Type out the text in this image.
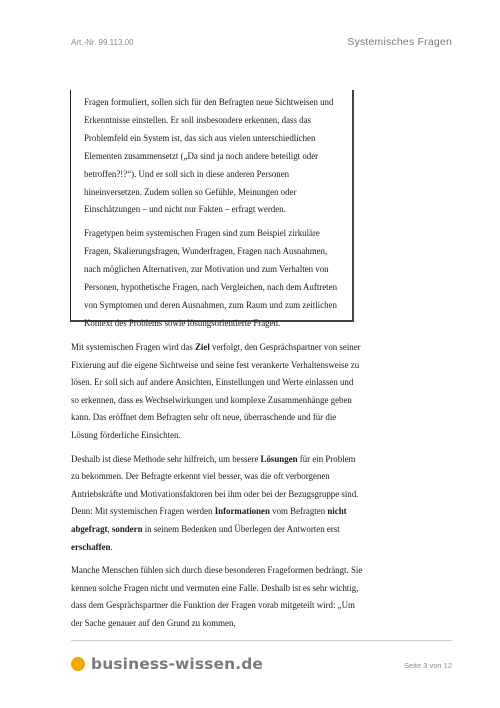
Art.-Nr. 99.113.00	Systemisches Fragen

Fragen formuliert, sollen sich für den Befragten neue Sichtweisen und Erkenntnisse einstellen. Er soll insbesondere erkennen, dass das Problemfeld ein System ist, das sich aus vielen unterschiedlichen Elementen zusammensetzt („Da sind ja noch andere beteiligt oder betroffen?!?“). Und er soll sich in diese anderen Personen hineinversetzen. Zudem sollen so Gefühle, Meinungen oder Einschätzungen – und nicht nur Fakten – erfragt werden.

Fragetypen beim systemischen Fragen sind zum Beispiel zirkuläre Fragen, Skalierungsfragen, Wunderfragen, Fragen nach Ausnahmen, nach möglichen Alternativen, zur Motivation und zum Verhalten von Personen, hypothetische Fragen, nach Vergleichen, nach dem Auftreten von Symptomen und deren Ausnahmen, zum Raum und zum zeitlichen Kontext des Problems sowie lösungsorientierte Fragen.

Mit systemischen Fragen wird das Ziel verfolgt, den Gesprächspartner von seiner Fixierung auf die eigene Sichtweise und seine fest verankerte Verhaltensweise zu lösen. Er soll sich auf andere Ansichten, Einstellungen und Werte einlassen und so erkennen, dass es Wechselwirkungen und komplexe Zusammenhänge geben kann. Das eröffnet dem Befragten sehr oft neue, überraschende und für die Lösung förderliche Einsichten.

Deshalb ist diese Methode sehr hilfreich, um bessere Lösungen für ein Problem zu bekommen. Der Befragte erkennt viel besser, was die oft verborgenen Antriebskräfte und Motivationsfaktoren bei ihm oder bei der Bezugsgruppe sind. Denn: Mit systemischen Fragen werden Informationen vom Befragten nicht abgefragt, sondern in seinem Bedenken und Überlegen der Antworten erst erschaffen.

Manche Menschen fühlen sich durch diese besonderen Frageformen bedrängt. Sie kennen solche Fragen nicht und vermuten eine Falle. Deshalb ist es sehr wichtig, dass dem Gesprächspartner die Funktion der Fragen vorab mitgeteilt wird: „Um der Sache genauer auf den Grund zu kommen,

business-wissen.de	Seite 3 von 12
